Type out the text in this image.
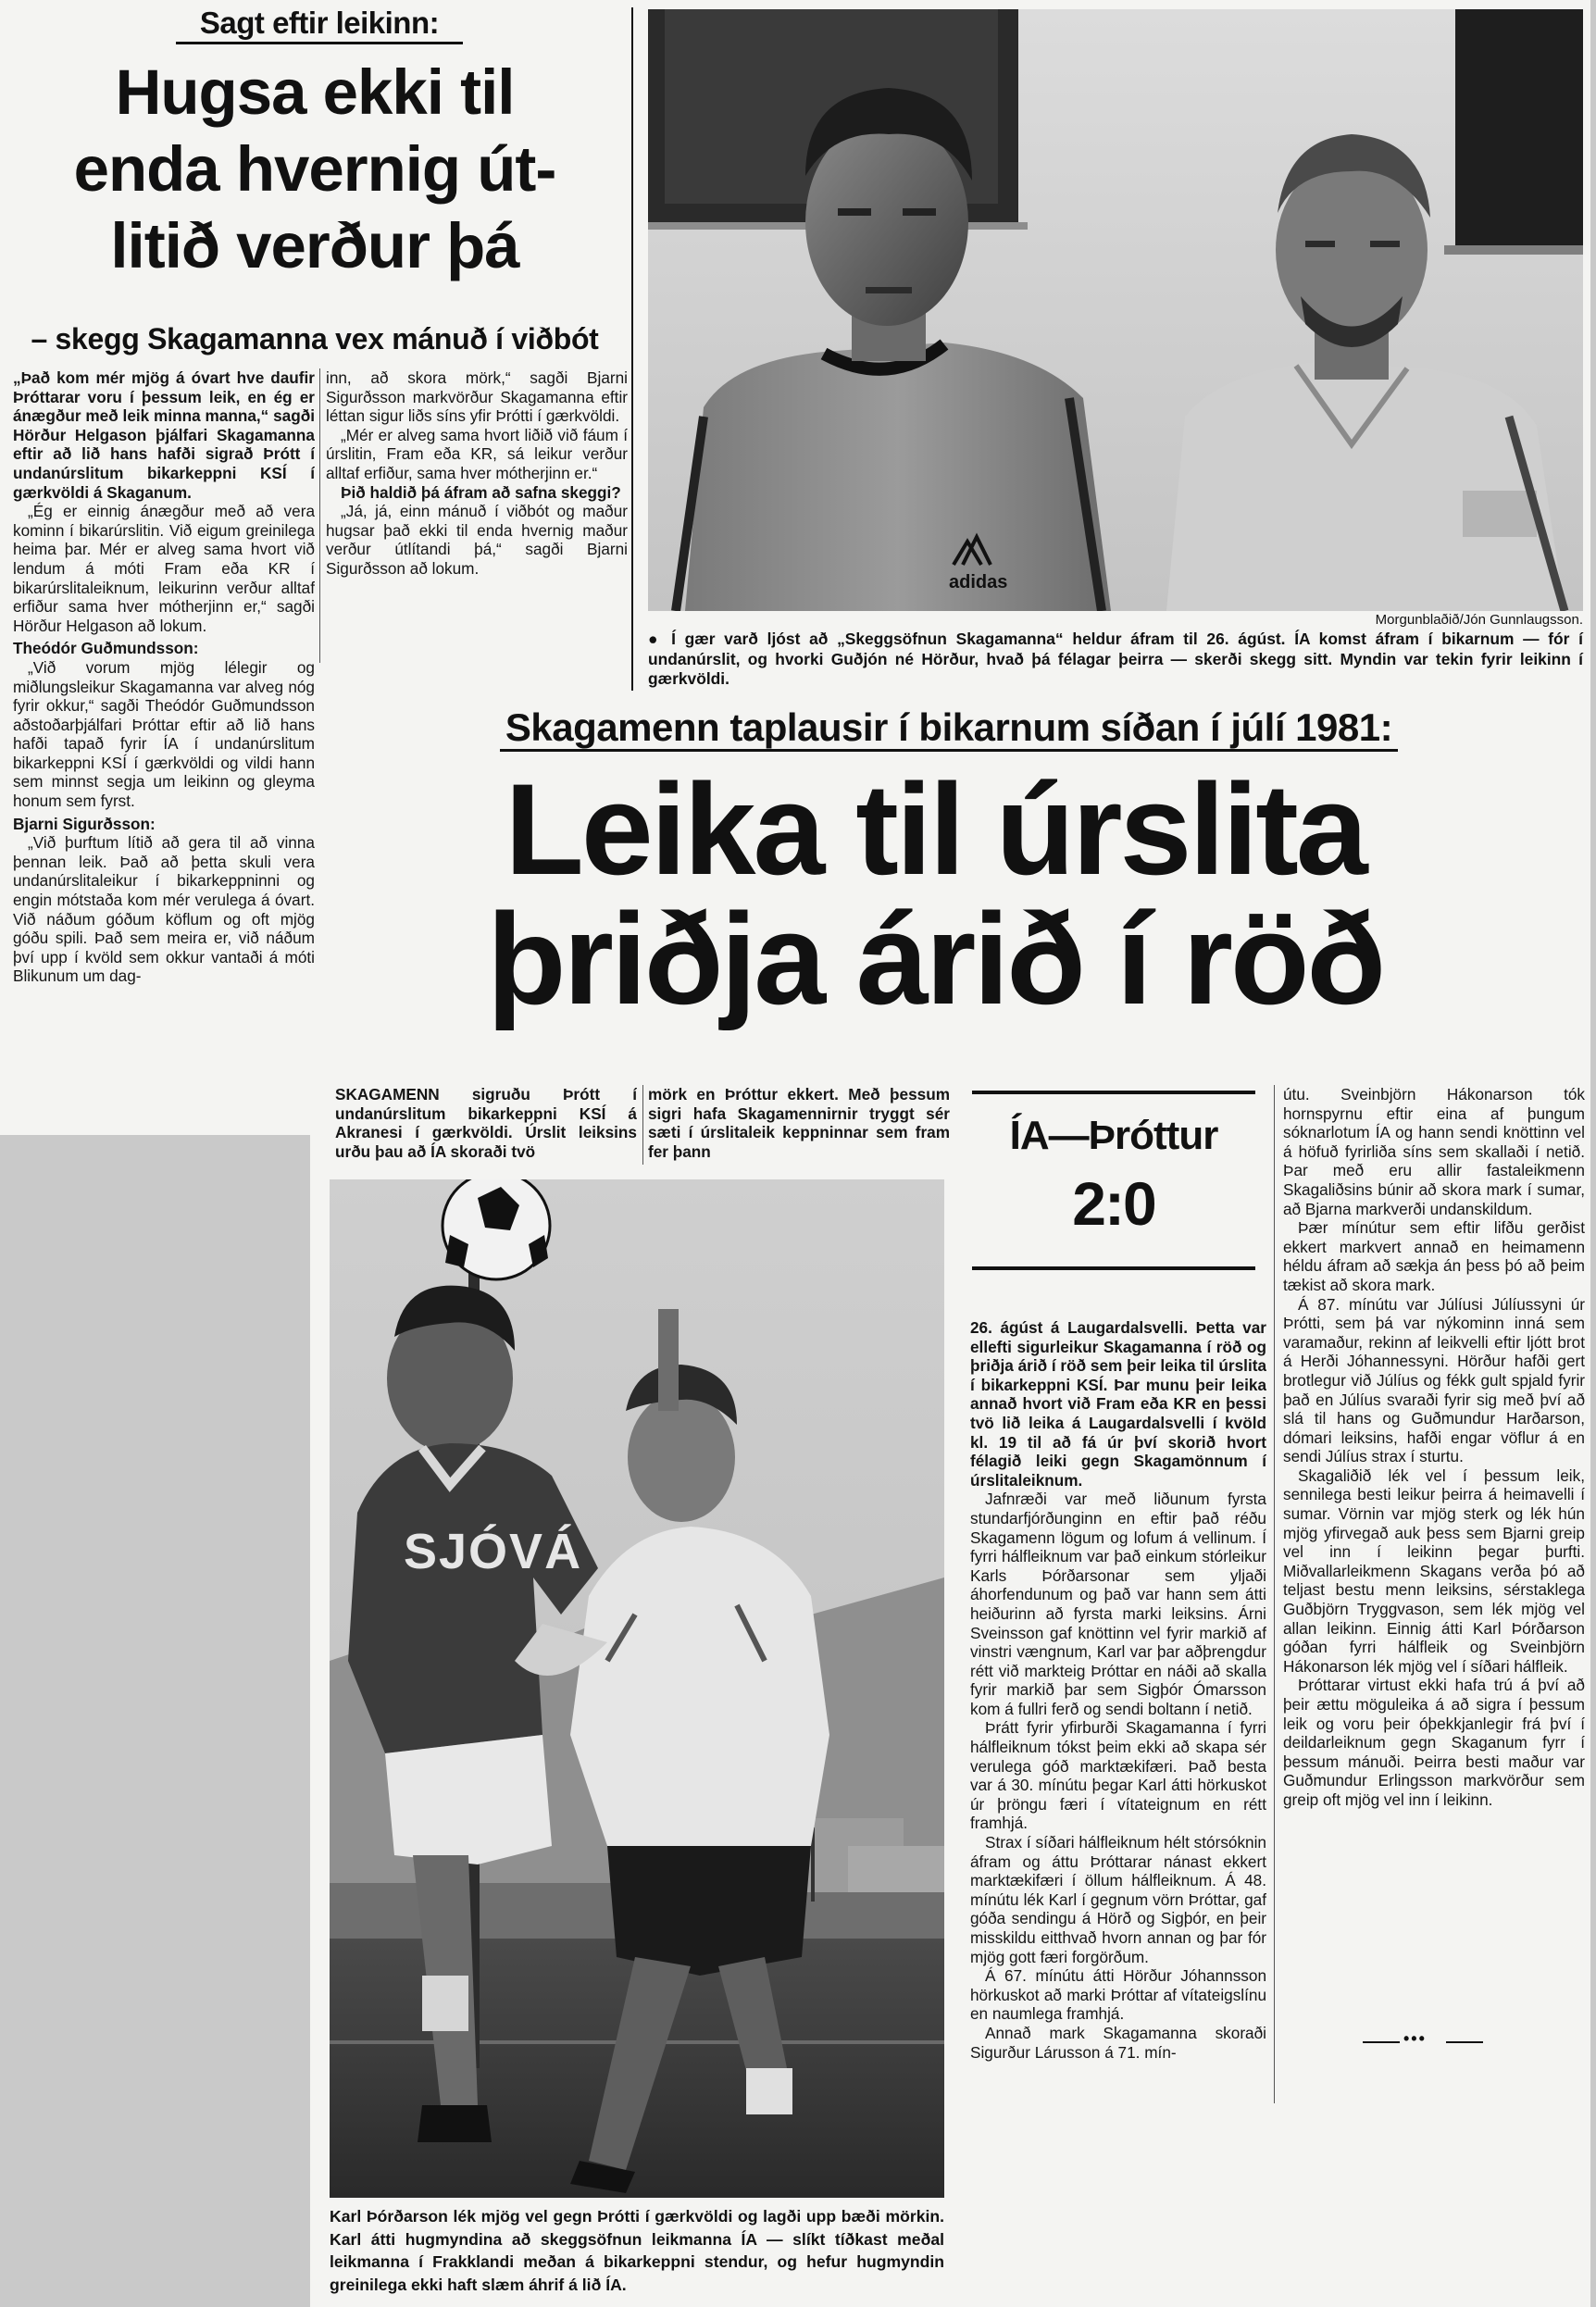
Sagt eftir leikinn:
Hugsa ekki til
enda hvernig út-
litið verður þá
– skegg Skagamanna vex mánuð í viðbót

„Það kom mér mjög á óvart hve daufir Þróttarar voru í þessum leik, en ég er ánægður með leik minna manna,“ sagði Hörður Helgason þjálfari Skagamanna eftir að lið hans hafði sigrað Þrótt í undanúrslitum bikarkeppni KSÍ í gærkvöldi á Skaganum.

„Ég er einnig ánægður með að vera kominn í bikarúrslitin. Við eigum greinilega heima þar. Mér er alveg sama hvort við lendum á móti Fram eða KR í bikarúrslitaleiknum, leikurinn verður alltaf erfiður sama hver mótherjinn er,“ sagði Hörður Helgason að lokum.

Theódór Guðmundsson:

„Við vorum mjög lélegir og miðlungsleikur Skagamanna var alveg nóg fyrir okkur,“ sagði Theódór Guðmundsson aðstoðarþjálfari Þróttar eftir að lið hans hafði tapað fyrir ÍA í undanúrslitum bikarkeppni KSÍ í gærkvöldi og vildi hann sem minnst segja um leikinn og gleyma honum sem fyrst.

Bjarni Sigurðsson:

„Við þurftum lítið að gera til að vinna þennan leik. Það að þetta skuli vera undanúrslitaleikur í bikarkeppninni og engin mótstaða kom mér verulega á óvart. Við náðum góðum köflum og oft mjög góðu spili. Það sem meira er, við náðum því upp í kvöld sem okkur vantaði á móti Blikunum um dag-

inn, að skora mörk,“ sagði Bjarni Sigurðsson markvörður Skagamanna eftir léttan sigur liðs síns yfir Þrótti í gærkvöldi.

„Mér er alveg sama hvort liðið við fáum í úrslitin, Fram eða KR, sá leikur verður alltaf erfiður, sama hver mótherjinn er.“

Þið haldið þá áfram að safna skeggi?

„Já, já, einn mánuð í viðbót og maður hugsar það ekki til enda hvernig maður verður útlítandi þá,“ sagði Bjarni Sigurðsson að lokum.

adidas
Morgunblaðið/Jón Gunnlaugsson.
● Í gær varð ljóst að „Skeggsöfnun Skagamanna“ heldur áfram til 26. ágúst. ÍA komst áfram í bikarnum — fór í undanúrslit, og hvorki Guðjón né Hörður, hvað þá félagar þeirra — skerði skegg sitt. Myndin var tekin fyrir leikinn í gærkvöldi.
Skagamenn taplausir í bikarnum síðan í júlí 1981:
Leika til úrslita
þriðja árið í röð

SKAGAMENN sigruðu Þrótt í undanúrslitum bikarkeppni KSÍ á Akranesi í gærkvöldi. Úrslit leiksins urðu þau að ÍA skoraði tvö

mörk en Þróttur ekkert. Með þessum sigri hafa Skagamennirnir tryggt sér sæti í úrslitaleik keppninnar sem fram fer þann	ÍA—Þróttur
2:0
SJÓVÁ
Karl Þórðarson lék mjög vel gegn Þrótti í gærkvöldi og lagði upp bæði mörkin. Karl átti hugmyndina að skeggsöfnun leikmanna ÍA — slíkt tíðkast meðal leikmanna í Frakklandi meðan á bikarkeppni stendur, og hefur hugmyndin greinilega ekki haft slæm áhrif á lið ÍA.

26. ágúst á Laugardalsvelli. Þetta var ellefti sigurleikur Skagamanna í röð og þriðja árið í röð sem þeir leika til úrslita í bikarkeppni KSÍ. Þar munu þeir leika annað hvort við Fram eða KR en þessi tvö lið leika á Laugardalsvelli í kvöld kl. 19 til að fá úr því skorið hvort félagið leiki gegn Skagamönnum í úrslitaleiknum.

Jafnræði var með liðunum fyrsta stundarfjórðunginn en eftir það réðu Skagamenn lögum og lofum á vellinum. Í fyrri hálfleiknum var það einkum stórleikur Karls Þórðarsonar sem yljaði áhorfendunum og það var hann sem átti heiðurinn að fyrsta marki leiksins. Árni Sveinsson gaf knöttinn vel fyrir markið af vinstri vængnum, Karl var þar aðþrengdur rétt við markteig Þróttar en náði að skalla fyrir markið þar sem Sigþór Ómarsson kom á fullri ferð og sendi boltann í netið.

Þrátt fyrir yfirburði Skagamanna í fyrri hálfleiknum tókst þeim ekki að skapa sér verulega góð marktækifæri. Það besta var á 30. mínútu þegar Karl átti hörkuskot úr þröngu færi í vítateignum en rétt framhjá.

Strax í síðari hálfleiknum hélt stórsóknin áfram og áttu Þróttarar nánast ekkert marktækifæri í öllum hálfleiknum. Á 48. mínútu lék Karl í gegnum vörn Þróttar, gaf góða sendingu á Hörð og Sigþór, en þeir misskildu eitthvað hvorn annan og þar fór mjög gott færi forgörðum.

Á 67. mínútu átti Hörður Jóhannsson hörkuskot að marki Þróttar af vítateigslínu en naumlega framhjá.

Annað mark Skagamanna skoraði Sigurður Lárusson á 71. mín-

útu. Sveinbjörn Hákonarson tók hornspyrnu eftir eina af þungum sóknarlotum ÍA og hann sendi knöttinn vel á höfuð fyrirliða síns sem skallaði í netið. Þar með eru allir fastaleikmenn Skagaliðsins búnir að skora mark í sumar, að Bjarna markverði undanskildum.

Þær mínútur sem eftir lifðu gerðist ekkert markvert annað en heimamenn héldu áfram að sækja án þess þó að þeim tækist að skora mark.

Á 87. mínútu var Júlíusi Júlíussyni úr Þrótti, sem þá var nýkominn inná sem varamaður, rekinn af leikvelli eftir ljótt brot á Herði Jóhannessyni. Hörður hafði gert brotlegur við Júlíus og fékk gult spjald fyrir það en Júlíus svaraði fyrir sig með því að slá til hans og Guðmundur Harðarson, dómari leiksins, hafði engar vöflur á en sendi Júlíus strax í sturtu.

Skagaliðið lék vel í þessum leik, sennilega besti leikur þeirra á heimavelli í sumar. Vörnin var mjög sterk og lék hún mjög yfirvegað auk þess sem Bjarni greip vel inn í leikinn þegar þurfti. Miðvallarleikmenn Skagans verða þó að teljast bestu menn leiksins, sérstaklega Guðbjörn Tryggvason, sem lék mjög vel allan leikinn. Einnig átti Karl Þórðarson góðan fyrri hálfleik og Sveinbjörn Hákonarson lék mjög vel í síðari hálfleik.

Þróttarar virtust ekki hafa trú á því að þeir ættu möguleika á að sigra í þessum leik og voru þeir óþekkjanlegir frá því í deildarleiknum gegn Skaganum fyrr í þessum mánuði. Þeirra besti maður var Guðmundur Erlingsson markvörður sem greip oft mjög vel inn í leikinn.

•••
